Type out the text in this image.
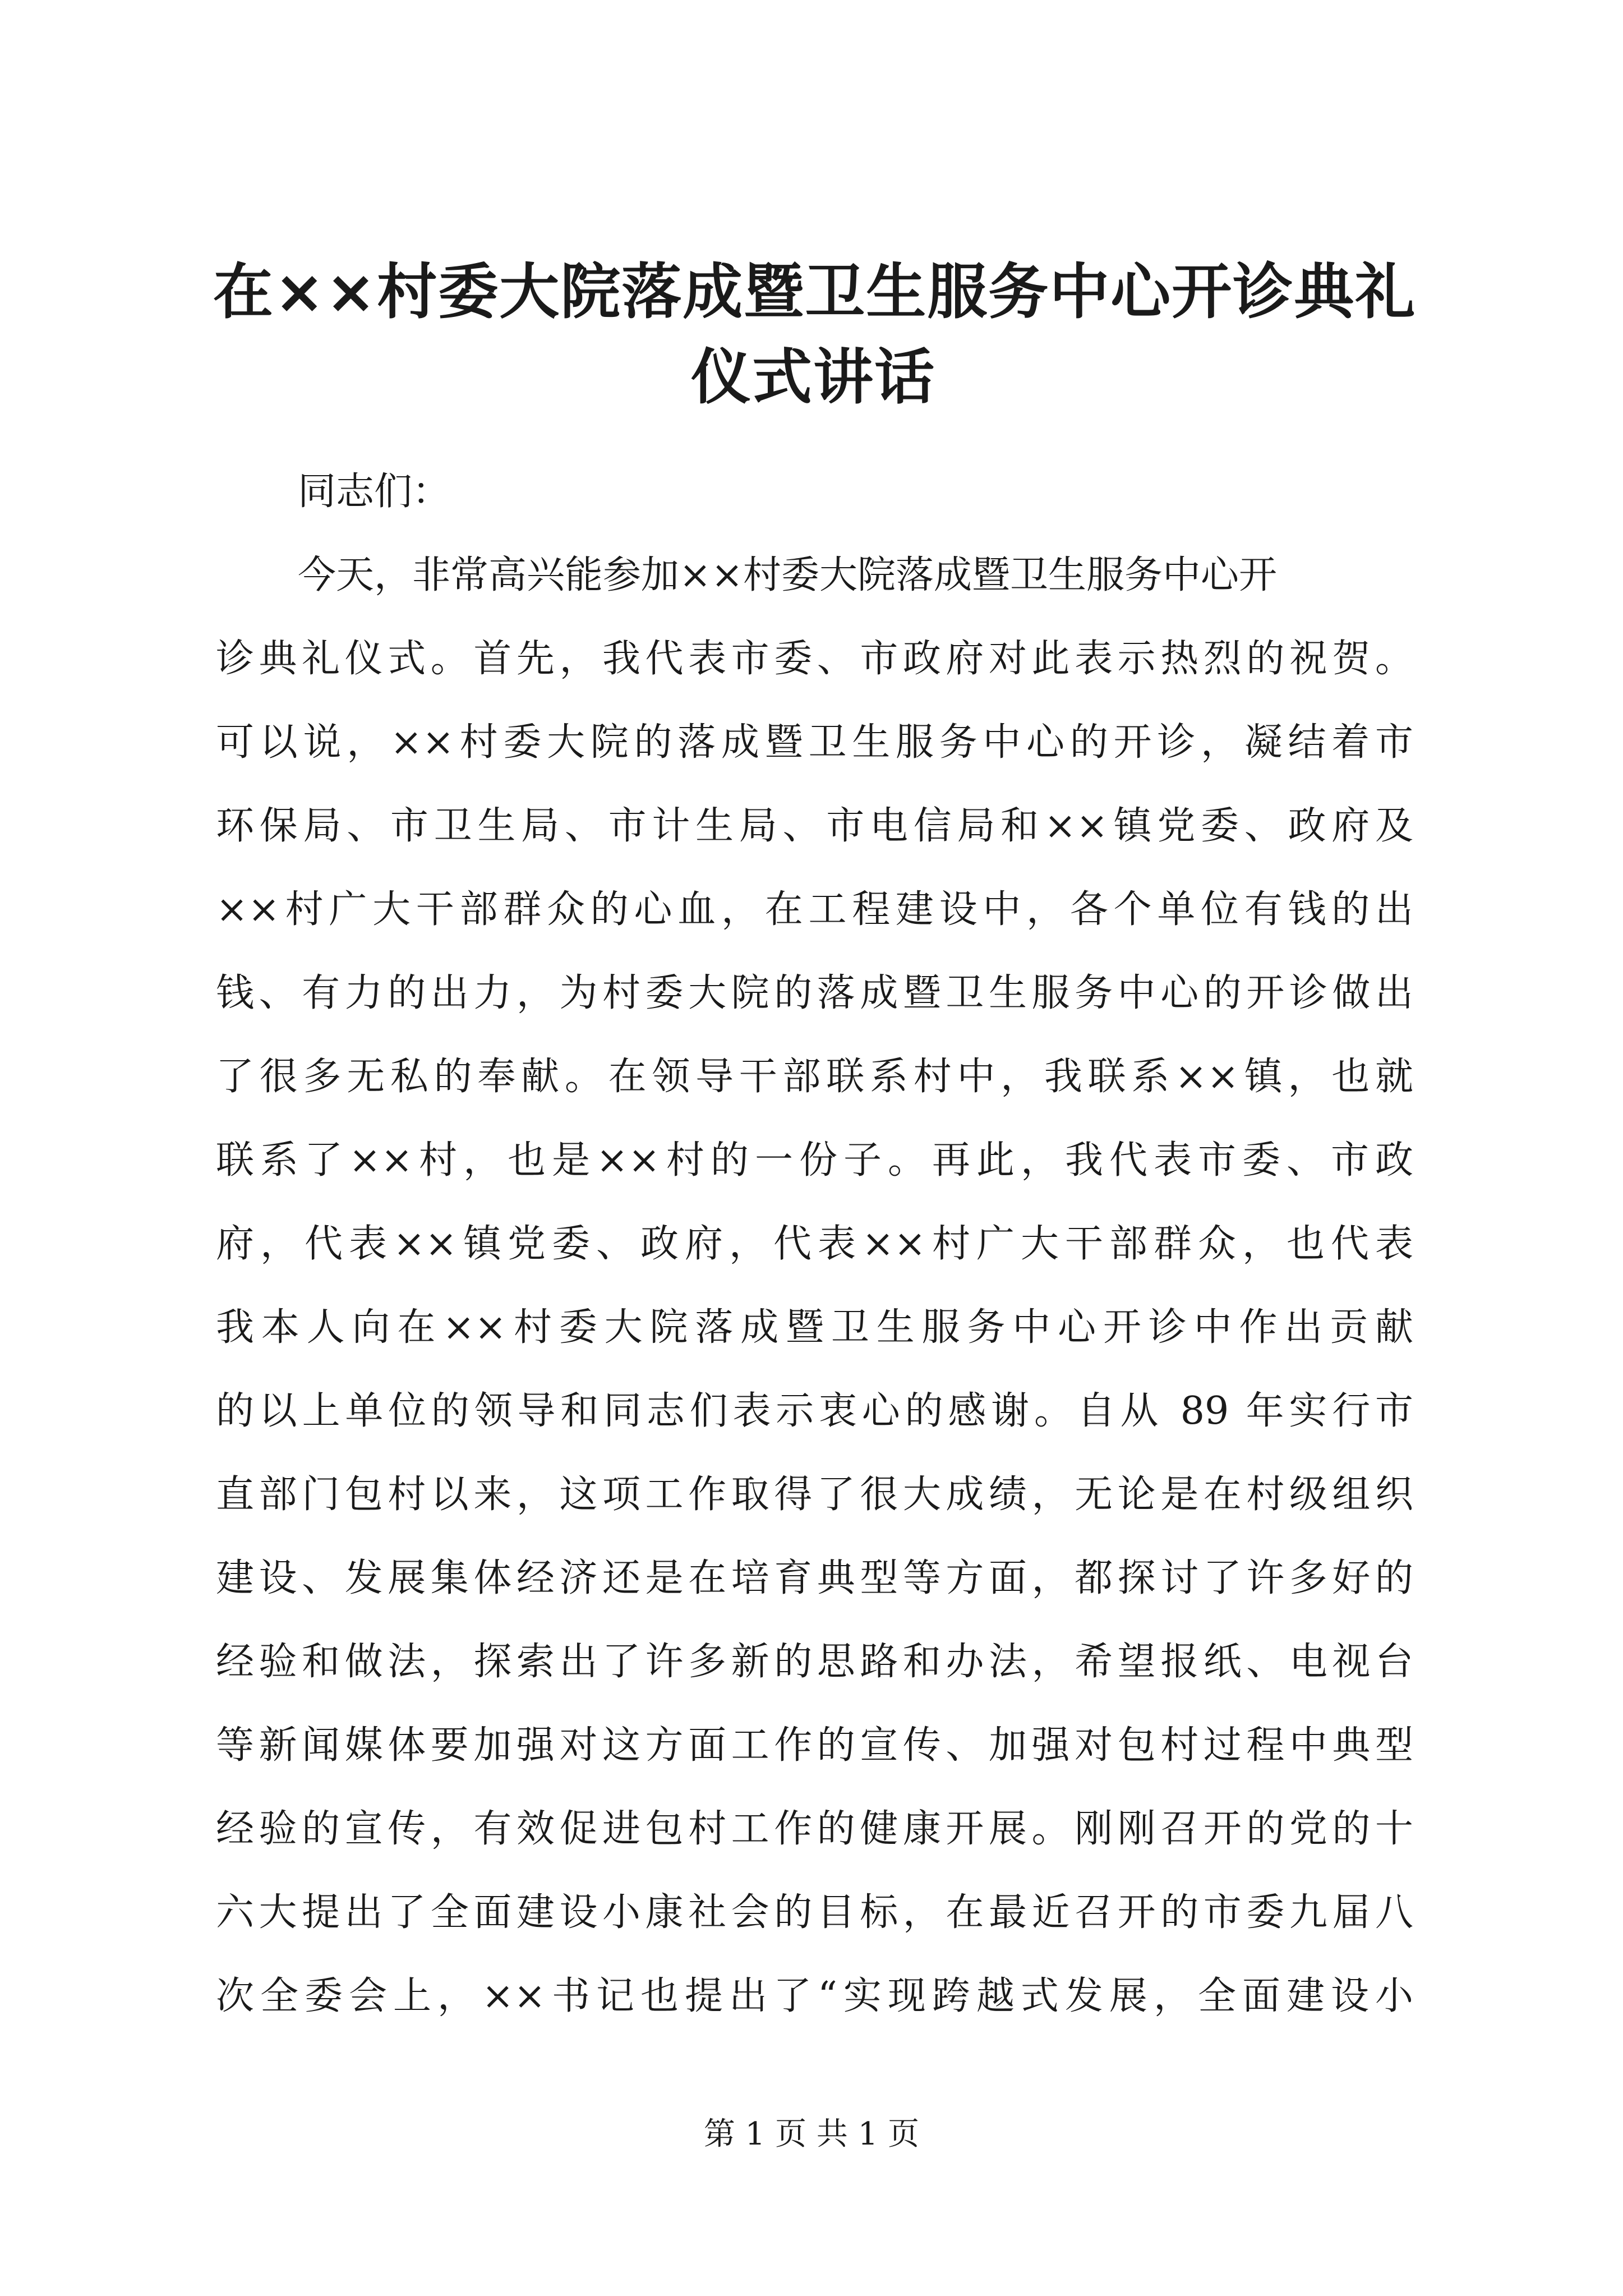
在××村委大院落成暨卫生服务中心开诊典礼
仪式讲话
同志们：
今天，非常高兴能参加××村委大院落成暨卫生服务中心开
诊典礼仪式。首先，我代表市委、市政府对此表示热烈的祝贺。
可以说，××村委大院的落成暨卫生服务中心的开诊，凝结着市
环保局、市卫生局、市计生局、市电信局和××镇党委、政府及
××村广大干部群众的心血，在工程建设中，各个单位有钱的出
钱、有力的出力，为村委大院的落成暨卫生服务中心的开诊做出
了很多无私的奉献。在领导干部联系村中，我联系××镇，也就
联系了××村，也是××村的一份子。再此，我代表市委、市政
府，代表××镇党委、政府，代表××村广大干部群众，也代表
我本人向在××村委大院落成暨卫生服务中心开诊中作出贡献
的以上单位的领导和同志们表示衷心的感谢。自从 89 年实行市
直部门包村以来，这项工作取得了很大成绩，无论是在村级组织
建设、发展集体经济还是在培育典型等方面，都探讨了许多好的
经验和做法，探索出了许多新的思路和办法，希望报纸、电视台
等新闻媒体要加强对这方面工作的宣传、加强对包村过程中典型
经验的宣传，有效促进包村工作的健康开展。刚刚召开的党的十
六大提出了全面建设小康社会的目标，在最近召开的市委九届八
次全委会上，××书记也提出了“实现跨越式发展，全面建设小
第 1 页 共 1 页
